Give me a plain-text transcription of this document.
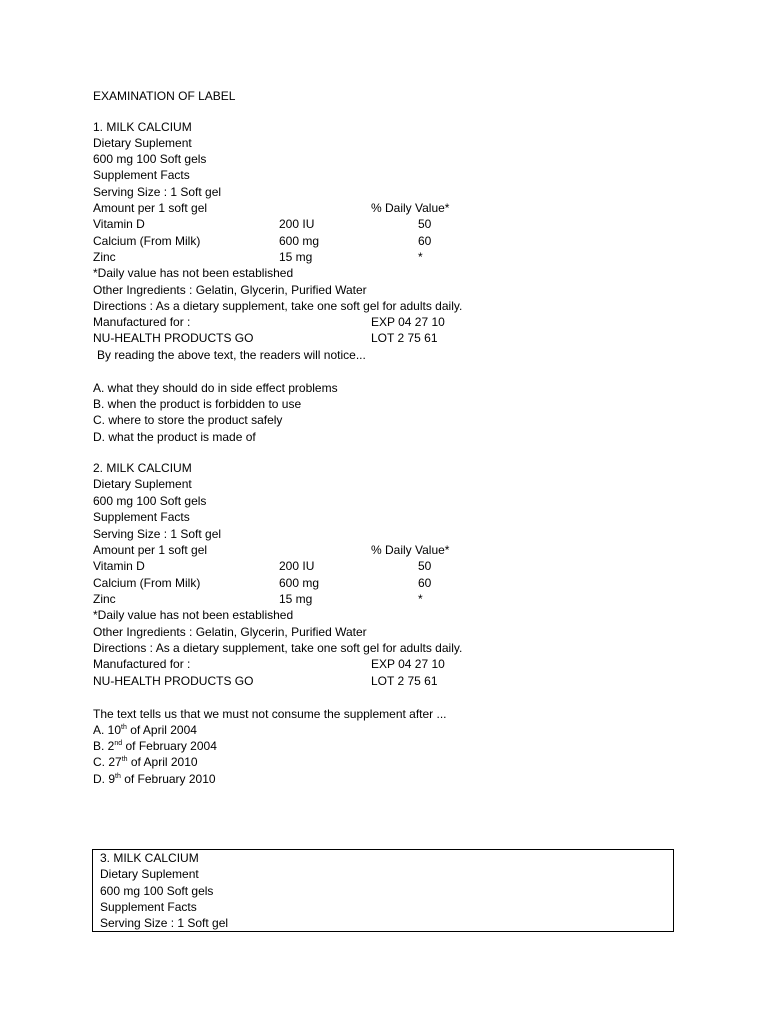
EXAMINATION OF LABEL
1. MILK CALCIUM
Dietary Suplement
600 mg 100 Soft gels
Supplement Facts
Serving Size : 1 Soft gel
Amount per 1 soft gel	% Daily Value*
Vitamin D	200 IU	50
Calcium (From Milk)	600 mg	60
Zinc	15 mg	*
*Daily value has not been established
Other Ingredients : Gelatin, Glycerin, Purified Water
Directions : As a dietary supplement, take one soft gel for adults daily.
Manufactured for :	EXP 04 27 10
NU-HEALTH PRODUCTS GO	LOT 2 75 61
By reading the above text, the readers will notice...
A. what they should do in side effect problems
B. when the product is forbidden to use
C. where to store the product safely
D. what the product is made of
2. MILK CALCIUM
Dietary Suplement
600 mg 100 Soft gels
Supplement Facts
Serving Size : 1 Soft gel
Amount per 1 soft gel	% Daily Value*
Vitamin D	200 IU	50
Calcium (From Milk)	600 mg	60
Zinc	15 mg	*
*Daily value has not been established
Other Ingredients : Gelatin, Glycerin, Purified Water
Directions : As a dietary supplement, take one soft gel for adults daily.
Manufactured for :	EXP 04 27 10
NU-HEALTH PRODUCTS GO	LOT 2 75 61
The text tells us that we must not consume the supplement after ...
A. 10th of April 2004
B. 2nd of February 2004
C. 27th of April 2010
D. 9th of February 2010
3. MILK CALCIUM
Dietary Suplement
600 mg 100 Soft gels
Supplement Facts
Serving Size : 1 Soft gel
